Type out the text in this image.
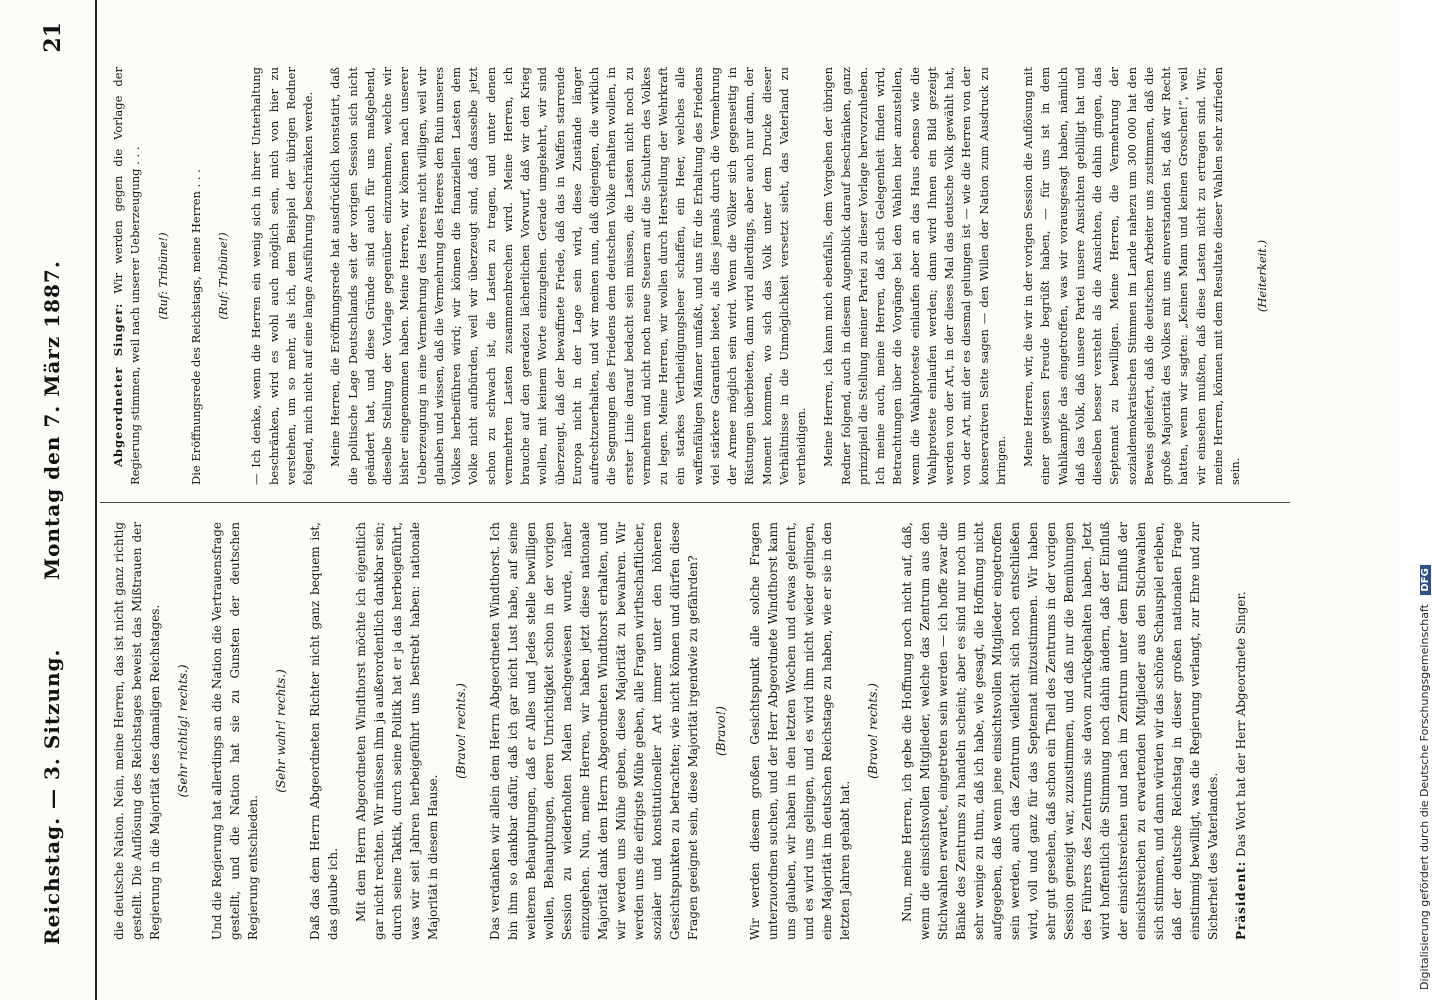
Reichstag. — 3. Sitzung.
Montag den 7. März 1887.
21

die deutsche Nation. Nein, meine Herren, das ist nicht ganz richtig gestellt. Die Auflösung des Reichstages beweist das Mißtrauen der Regierung in die Majorität des damaligen Reichstages. (Sehr richtig! rechts.) Und die Regierung hat allerdings an die Nation die Vertrauensfrage gestellt, und die Nation hat sie zu Gunsten der deutschen Regierung entschieden.

(Sehr wahr! rechts.) Daß das dem Herrn Abgeordneten Richter nicht ganz bequem ist, das glaube ich. Mit dem Herrn Abgeordneten Windthorst möchte ich eigentlich gar nicht rechten. Wir müssen ihm ja außerordentlich dankbar sein; durch seine Taktik, durch seine Politik hat er ja das herbeigeführt, was wir seit Jahren herbeigeführt uns bestrebt haben: nationale Majorität in diesem Hause.

(Bravo! rechts.) Das verdanken wir allein dem Herrn Abgeordneten Windthorst. Ich bin ihm so dankbar dafür, daß ich gar nicht Lust habe, auf seine weiteren Behauptungen, daß er Alles und Jedes stelle bewilligen wollen, Behauptungen, deren Unrichtigkeit schon in der vorigen Session zu wiederholten Malen nachgewiesen wurde, näher einzugehen. Nun, meine Herren, wir haben jetzt diese nationale Majorität dank dem Herrn Abgeordneten Windthorst erhalten, und wir werden uns Mühe geben, diese Majorität zu bewahren. Wir werden uns die eifrigste Mühe geben, alle Fragen wirthschaftlicher, sozialer und konstitutioneller Art immer unter den höheren Gesichtspunkten zu betrachten; wie nicht können und dürfen diese Fragen geeignet sein, diese Majorität irgendwie zu gefährden? (Bravo!) Wir werden diesem großen Gesichtspunkt alle solche Fragen unterzuordnen suchen, und der Herr Abgeordnete Windthorst kann uns glauben, wir haben in den letzten Wochen und etwas gelernt, und es wird uns gelingen, und es wird ihm nicht wieder gelingen, eine Majorität im deutschen Reichstage zu haben, wie er sie in den letzten Jahren gehabt hat.

(Bravo! rechts.) Nun, meine Herren, ich gebe die Hoffnung noch nicht auf, daß, wenn die einsichtsvollen Mitglieder, welche das Zentrum aus den Stichwahlen erwartet, eingetreten sein werden — ich hoffe zwar die Bänke des Zentrums zu handeln scheint; aber es sind nur noch um sehr wenige zu thun, daß ich habe, wie gesagt, die Hoffnung nicht aufgegeben, daß wenn jene einsichtsvollen Mitglieder eingetroffen sein werden, auch das Zentrum vielleicht sich noch entschließen wird, voll und ganz für das Septennat mitzustimmen. Wir haben sehr gut gesehen, daß schon ein Theil des Zentrums in der vorigen Session geneigt war, zuzustimmen, und daß nur die Bemühungen des Führers des Zentrums sie davon zurückgehalten haben. Jetzt wird hoffentlich die Stimmung noch dahin ändern, daß der Einfluß der einsichtsreichen und nach im Zentrum unter dem Einfluß der einsichtsreichen zu erwartenden Mitglieder aus den Stichwahlen sich stimmen, und dann würden wir das schöne Schauspiel erleben, daß der deutsche Reichstag in dieser großen nationalen Frage einstimmig bewilligt, was die Regierung verlangt, zur Ehre und zur Sicherheit des Vaterlandes. Präsident: Das Wort hat der Herr Abgeordnete Singer.

Abgeordneter Singer: Wir werden gegen die Vorlage der Regierung stimmen, weil nach unserer Ueberzeugung . . . (Ruf: Tribüne!) Die Eröffnungsrede des Reichstags, meine Herren . . . (Ruf: Tribüne!) — Ich denke, wenn die Herren ein wenig sich in ihrer Unterhaltung beschränken, wird es wohl auch möglich sein, mich von hier zu verstehen, um so mehr, als ich, dem Beispiel der übrigen Redner folgend, mich nicht auf eine lange Ausführung beschränken werde. Meine Herren, die Eröffnungsrede hat ausdrücklich konstatirt, daß die politische Lage Deutschlands seit der vorigen Session sich nicht geändert hat, und diese Gründe sind auch für uns maßgebend, dieselbe Stellung der Vorlage gegenüber einzunehmen, welche wir bisher eingenommen haben. Meine Herren, wir können nach unserer Ueberzeugung in eine Vermehrung des Heeres nicht willigen, weil wir glauben und wissen, daß die Vermehrung des Heeres den Ruin unseres Volkes herbeiführen wird; wir können die finanziellen Lasten dem Volke nicht aufbürden, weil wir überzeugt sind, daß dasselbe jetzt schon zu schwach ist, die Lasten zu tragen, und unter denen vermehrten Lasten zusammenbrechen wird. Meine Herren, ich brauche auf den geradezu lächerlichen Vorwurf, daß wir den Krieg wollen, mit keinem Worte einzugehen. Gerade umgekehrt, wir sind überzeugt, daß der bewaffnete Friede, daß das in Waffen starrende Europa nicht in der Lage sein wird, diese Zustände länger aufrechtzuerhalten, und wir meinen nun, daß diejenigen, die wirklich die Segnungen des Friedens dem deutschen Volke erhalten wollen, in erster Linie darauf bedacht sein müssen, die Lasten nicht noch zu vermehren und nicht noch neue Steuern auf die Schultern des Volkes zu legen. Meine Herren, wir wollen durch Herstellung der Wehrkraft ein starkes Vertheidigungsheer schaffen, ein Heer, welches alle waffenfähigen Männer umfaßt, und uns für die Erhaltung des Friedens viel stärkere Garantien bietet, als dies jemals durch die Vermehrung der Armee möglich sein wird. Wenn die Völker sich gegenseitig in Rüstungen überbieten, dann wird allerdings, aber auch nur dann, der Moment kommen, wo sich das Volk unter dem Drucke dieser Verhältnisse in die Unmöglichkeit versetzt sieht, das Vaterland zu vertheidigen. Meine Herren, ich kann mich ebenfalls, dem Vorgehen der übrigen Redner folgend, auch in diesem Augenblick darauf beschränken, ganz prinzipiell die Stellung meiner Partei zu dieser Vorlage hervorzuheben. Ich meine auch, meine Herren, daß sich Gelegenheit finden wird, Betrachtungen über die Vorgänge bei den Wahlen hier anzustellen, wenn die Wahlproteste einlaufen aber an das Haus ebenso wie die Wahlproteste einlaufen werden; dann wird Ihnen ein Bild gezeigt werden von der Art, in der dieses Mal das deutsche Volk gewählt hat, von der Art, mit der es diesmal gelungen ist — wie die Herren von der konservativen Seite sagen — den Willen der Nation zum Ausdruck zu bringen. Meine Herren, wir, die wir in der vorigen Session die Auflösung mit einer gewissen Freude begrüßt haben, — für uns ist in dem Wahlkampfe das eingetroffen, was wir vorausgesagt haben, nämlich daß das Volk, daß unsere Partei unsere Ansichten gebilligt hat und dieselben besser versteht als die Ansichten, die dahin gingen, das Septennat zu bewilligen. Meine Herren, die Vermehrung der sozialdemokratischen Stimmen im Lande nahezu um 300 000 hat den Beweis geliefert, daß die deutschen Arbeiter uns zustimmen, daß die große Majorität des Volkes mit uns einverstanden ist, daß wir Recht hatten, wenn wir sagten: „Keinen Mann und keinen Groschen!“, weil wir einsehen mußten, daß diese Lasten nicht zu ertragen sind. Wir, meine Herren, können mit dem Resultate dieser Wahlen sehr zufrieden sein.

(Heiterkeit.)

Digitalisierung gefördert durch die Deutsche Forschungsgemeinschaft DFG
